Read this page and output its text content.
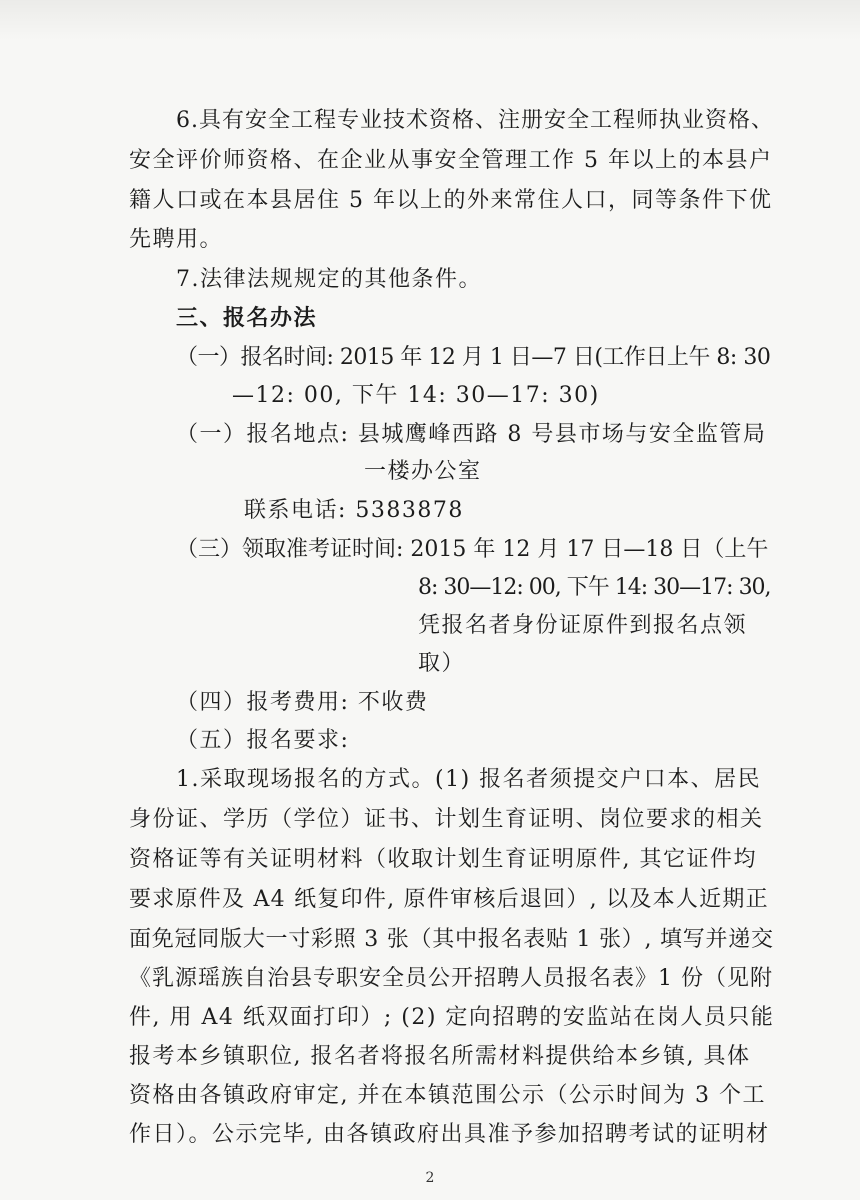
6.具有安全工程专业技术资格、注册安全工程师执业资格、
安全评价师资格、在企业从事安全管理工作 5 年以上的本县户
籍人口或在本县居住 5 年以上的外来常住人口，同等条件下优
先聘用。
7.法律法规规定的其他条件。
三、报名办法
（一）报名时间: 2015 年 12 月 1 日—7 日(工作日上午 8: 30
—12: 00, 下午 14: 30—17: 30)
（一）报名地点: 县城鹰峰西路 8 号县市场与安全监管局
一楼办公室
联系电话: 5383878
（三）领取准考证时间: 2015 年 12 月 17 日—18 日（上午
8: 30—12: 00, 下午 14: 30—17: 30,
凭报名者身份证原件到报名点领
取）
（四）报考费用: 不收费
（五）报名要求:
1.采取现场报名的方式。(1) 报名者须提交户口本、居民
身份证、学历（学位）证书、计划生育证明、岗位要求的相关
资格证等有关证明材料（收取计划生育证明原件, 其它证件均
要求原件及 A4 纸复印件, 原件审核后退回）, 以及本人近期正
面免冠同版大一寸彩照 3 张（其中报名表贴 1 张）, 填写并递交
《乳源瑶族自治县专职安全员公开招聘人员报名表》1 份（见附
件, 用 A4 纸双面打印）; (2) 定向招聘的安监站在岗人员只能
报考本乡镇职位, 报名者将报名所需材料提供给本乡镇, 具体
资格由各镇政府审定, 并在本镇范围公示（公示时间为 3 个工
作日）。公示完毕, 由各镇政府出具准予参加招聘考试的证明材
2
